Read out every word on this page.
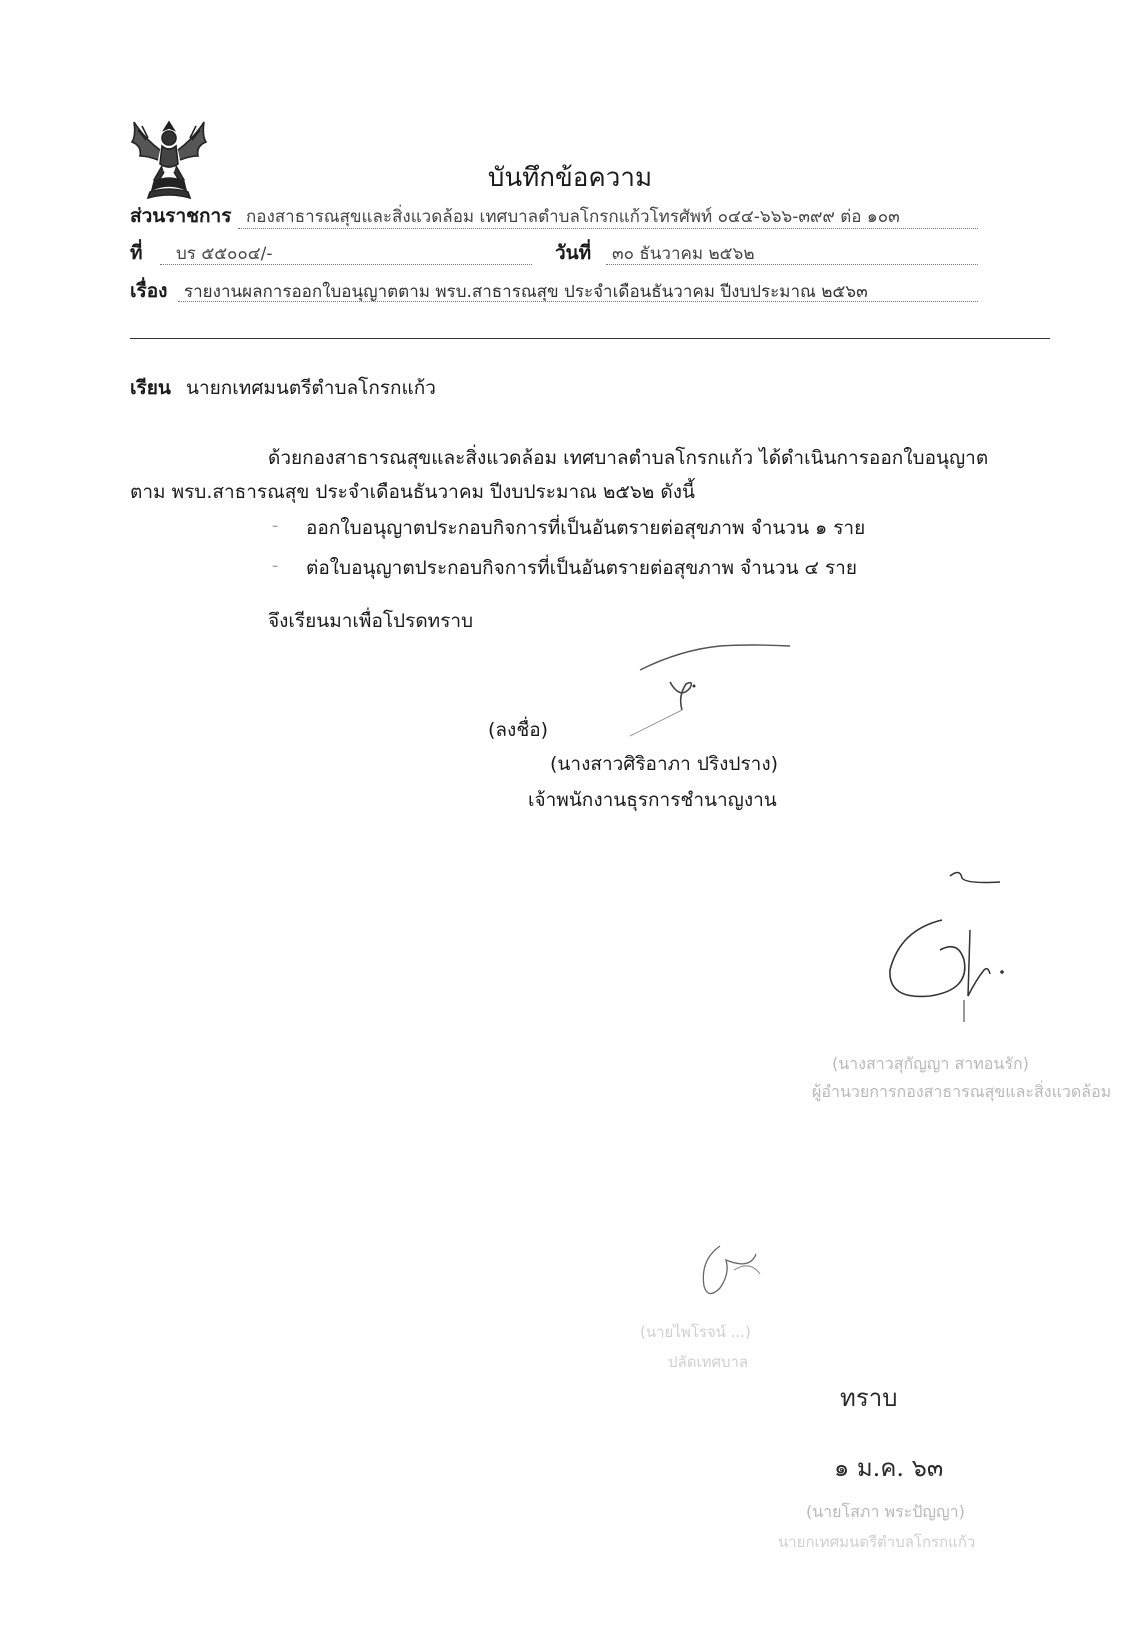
บันทึกข้อความ
ส่วนราชการ กองสาธารณสุขและสิ่งแวดล้อม เทศบาลตำบลโกรกแก้วโทรศัพท์ ๐๔๔-๖๖๖-๓๙๙ ต่อ ๑๐๓
ที่ บร ๕๕๐๐๔/-	วันที่ ๓๐ ธันวาคม ๒๕๖๒
เรื่อง รายงานผลการออกใบอนุญาตตาม พรบ.สาธารณสุข ประจำเดือนธันวาคม ปีงบประมาณ ๒๕๖๓
เรียน นายกเทศมนตรีตำบลโกรกแก้ว
ด้วยกองสาธารณสุขและสิ่งแวดล้อม เทศบาลตำบลโกรกแก้ว ได้ดำเนินการออกใบอนุญาต
ตาม พรบ.สาธารณสุข ประจำเดือนธันวาคม ปีงบประมาณ ๒๕๖๒ ดังนี้
- ออกใบอนุญาตประกอบกิจการที่เป็นอันตรายต่อสุขภาพ จำนวน ๑ ราย
- ต่อใบอนุญาตประกอบกิจการที่เป็นอันตรายต่อสุขภาพ จำนวน ๔ ราย
จึงเรียนมาเพื่อโปรดทราบ
(ลงชื่อ)
(นางสาวศิริอาภา ปริงปราง)
เจ้าพนักงานธุรการชำนาญงาน
(นางสาวสุกัญญา สาทอนรัก)
ผู้อำนวยการกองสาธารณสุขและสิ่งแวดล้อม
(นายไพโรจน์ ...)
ปลัดเทศบาล
ทราบ
๑ ม.ค. ๖๓
(นายโสภา พระปัญญา)
นายกเทศมนตรีตำบลโกรกแก้ว
